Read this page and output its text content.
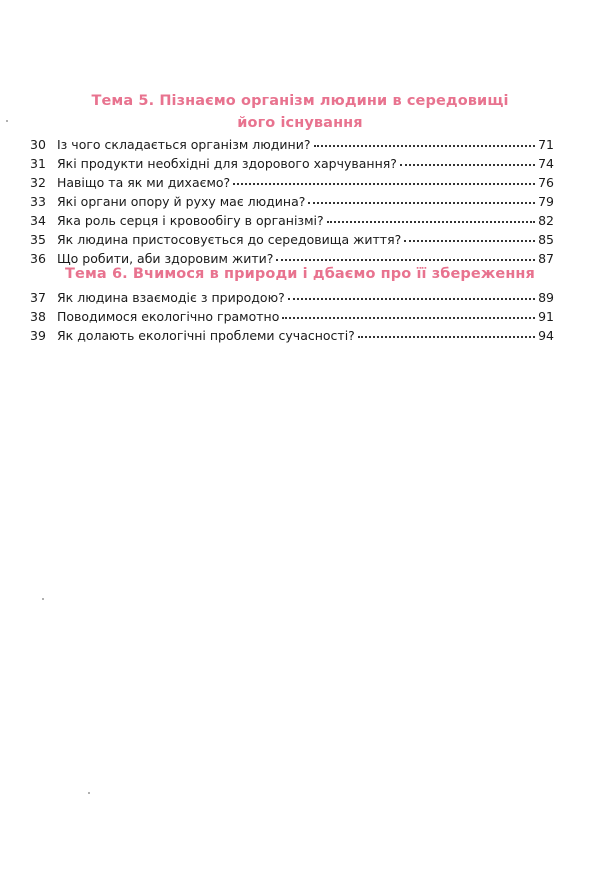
Тема 5. Пізнаємо організм людини в середовищі
його існування
30 Із чого складається організм людини?	71
31 Які продукти необхідні для здорового харчування?	74
32 Навіщо та як ми дихаємо?	76
33 Які органи опору й руху має людина?	79
34 Яка роль серця і кровообігу в організмі?	82
35 Як людина пристосовується до середовища життя?	85
36 Що робити, аби здоровим жити?	87
Тема 6. Вчимося в природи і дбаємо про її збереження
37 Як людина взаємодіє з природою?	89
38 Поводимося екологічно грамотно	91
39 Як долають екологічні проблеми сучасності?	94
